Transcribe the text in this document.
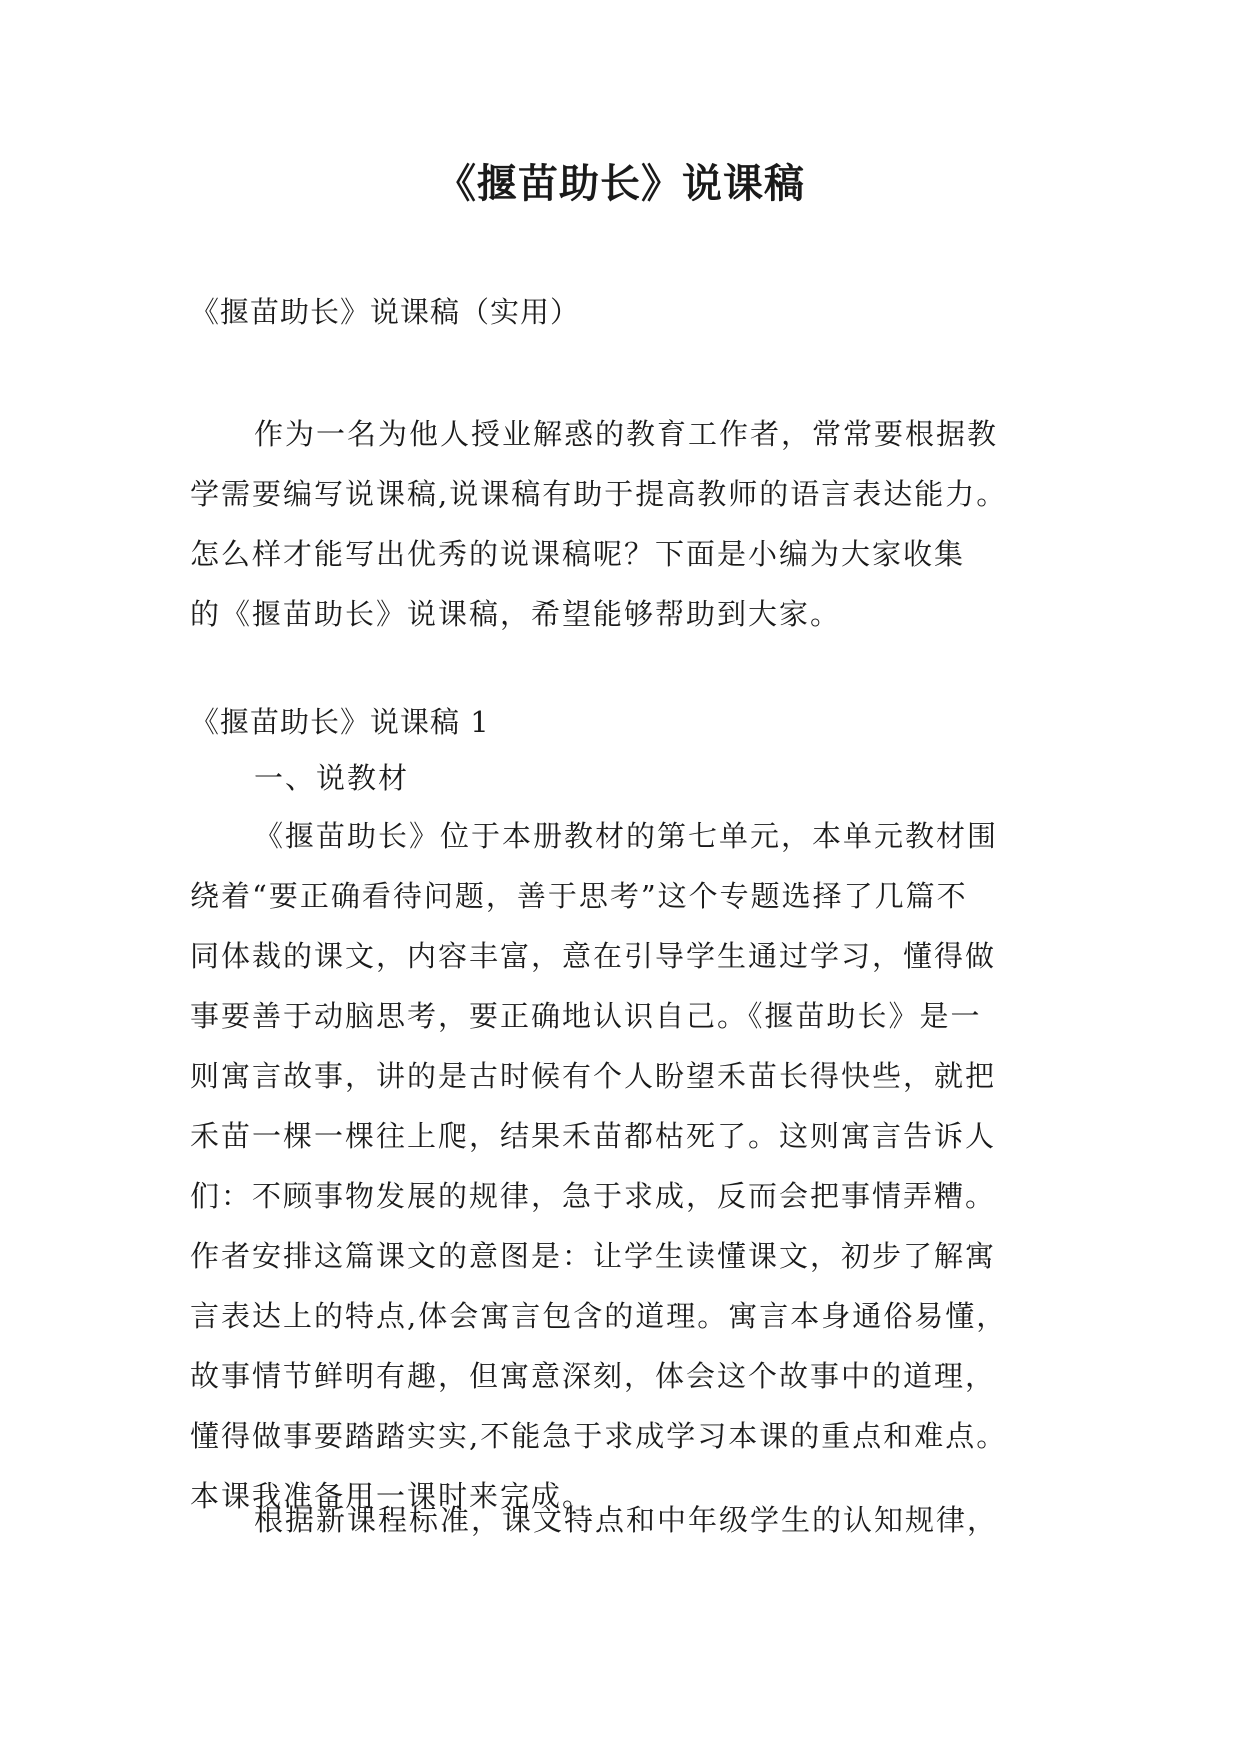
《揠苗助长》说课稿
《揠苗助长》说课稿（实用）
作为一名为他人授业解惑的教育工作者，常常要根据教
学需要编写说课稿,说课稿有助于提高教师的语言表达能力。
怎么样才能写出优秀的说课稿呢？下面是小编为大家收集
的《揠苗助长》说课稿，希望能够帮助到大家。
《揠苗助长》说课稿 1
一、说教材
《揠苗助长》位于本册教材的第七单元，本单元教材围
绕着“要正确看待问题，善于思考”这个专题选择了几篇不
同体裁的课文，内容丰富，意在引导学生通过学习，懂得做
事要善于动脑思考，要正确地认识自己。《揠苗助长》是一
则寓言故事，讲的是古时候有个人盼望禾苗长得快些，就把
禾苗一棵一棵往上爬，结果禾苗都枯死了。这则寓言告诉人
们：不顾事物发展的规律，急于求成，反而会把事情弄糟。
作者安排这篇课文的意图是：让学生读懂课文，初步了解寓
言表达上的特点,体会寓言包含的道理。寓言本身通俗易懂，
故事情节鲜明有趣，但寓意深刻，体会这个故事中的道理，
懂得做事要踏踏实实,不能急于求成学习本课的重点和难点。
本课我准备用一课时来完成。
根据新课程标准，课文特点和中年级学生的认知规律，
